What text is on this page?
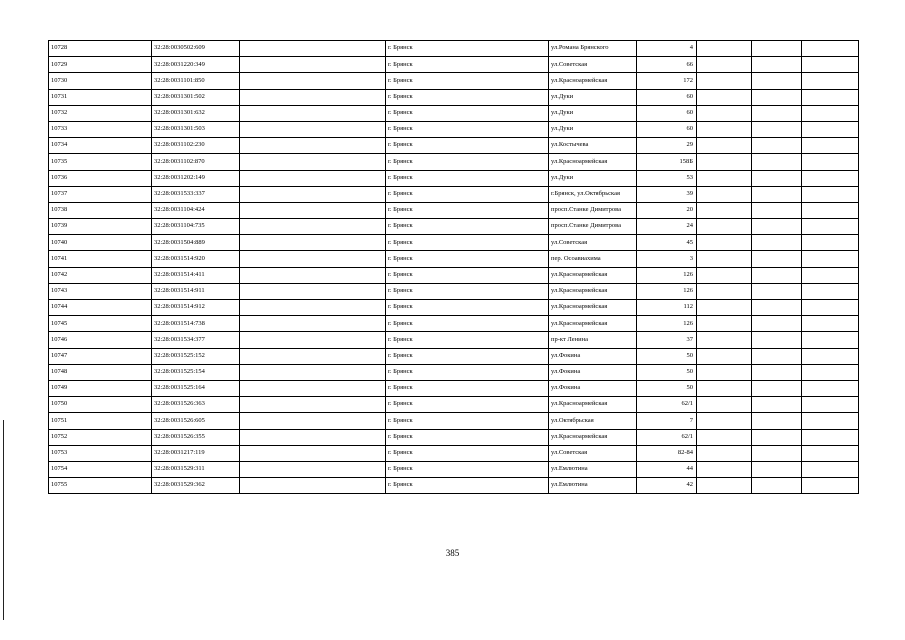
10728	32:28:0030502:609		г. Брянск	ул.Романа Брянского	4			
10729	32:28:0031220:349		г. Брянск	ул.Советская	66			
10730	32:28:0031101:850		г. Брянск	ул.Красноармейская	172			
10731	32:28:0031301:502		г. Брянск	ул.Дуки	60			
10732	32:28:0031301:632		г. Брянск	ул.Дуки	60			
10733	32:28:0031301:503		г. Брянск	ул.Дуки	60			
10734	32:28:0031102:230		г. Брянск	ул.Костычева	29			
10735	32:28:0031102:870		г. Брянск	ул.Красноармейская	158Б			
10736	32:28:0031202:149		г. Брянск	ул.Дуки	53			
10737	32:28:0031533:337		г. Брянск	г.Брянск, ул.Октябрьская	39			
10738	32:28:0031104:424		г. Брянск	просп.Станке Димитрова	20			
10739	32:28:0031104:735		г. Брянск	просп.Станке Димитрова	24			
10740	32:28:0031504:889		г. Брянск	ул.Советская	45			
10741	32:28:0031514:920		г. Брянск	пер. Осоавиахима	3			
10742	32:28:0031514:411		г. Брянск	ул.Красноармейская	126			
10743	32:28:0031514:911		г. Брянск	ул.Красноармейская	126			
10744	32:28:0031514:912		г. Брянск	ул.Красноармейская	112			
10745	32:28:0031514:738		г. Брянск	ул.Красноармейская	126			
10746	32:28:0031534:377		г. Брянск	пр-кт Ленина	37			
10747	32:28:0031525:152		г. Брянск	ул.Фокина	50			
10748	32:28:0031525:154		г. Брянск	ул.Фокина	50			
10749	32:28:0031525:164		г. Брянск	ул.Фокина	50			
10750	32:28:0031526:363		г. Брянск	ул.Красноармейская	62/1			
10751	32:28:0031526:605		г. Брянск	ул.Октябрьская	7			
10752	32:28:0031526:355		г. Брянск	ул.Красноармейская	62/1			
10753	32:28:0031217:119		г. Брянск	ул.Советская	82-84			
10754	32:28:0031529:311		г. Брянск	ул.Емлютина	44			
10755	32:28:0031529:362		г. Брянск	ул.Емлютина	42			
385
